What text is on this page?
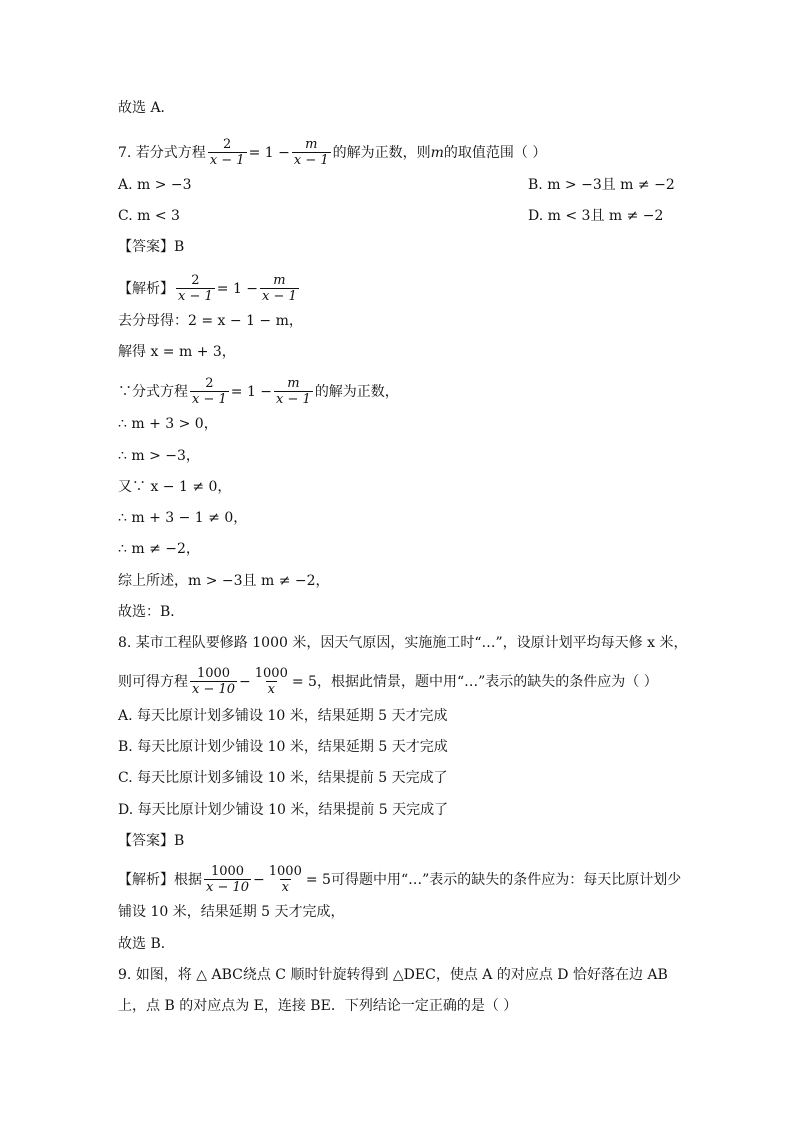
故选 A．
7. 若分式方程 $\frac{2}{x - 1} = 1 - \frac{m}{x - 1}$ 的解为正数，则 m 的取值范围（ ）
A. m > −3	B. m > −3且 m ≠ −2
C. m < 3	D. m < 3且 m ≠ −2
【答案】B
【解析】 $\frac{2}{x - 1} = 1 - \frac{m}{x - 1}$
去分母得：2 = x − 1 − m，
解得 x = m + 3，
∵分式方程 $\frac{2}{x - 1} = 1 - \frac{m}{x - 1}$ 的解为正数，
∴ m + 3 > 0，
∴ m > −3，
又∵ x − 1 ≠ 0，
∴ m + 3 − 1 ≠ 0，
∴ m ≠ −2，
综上所述，m > −3且 m ≠ −2，
故选：B．
8. 某市工程队要修路 1000 米，因天气原因，实施施工时“…”，设原计划平均每天修 x 米，
则可得方程 $\frac{1000}{x - 10} - \frac{1000}{x} = 5$，根据此情景，题中用“…”表示的缺失的条件应为（ ）
A. 每天比原计划多铺设 10 米，结果延期 5 天才完成
B. 每天比原计划少铺设 10 米，结果延期 5 天才完成
C. 每天比原计划多铺设 10 米，结果提前 5 天完成了
D. 每天比原计划少铺设 10 米，结果提前 5 天完成了
【答案】B
【解析】根据 $\frac{1000}{x - 10} - \frac{1000}{x} = 5$可得题中用“…”表示的缺失的条件应为：每天比原计划少
铺设 10 米，结果延期 5 天才完成，
故选 B．
9. 如图，将 △ ABC绕点 C 顺时针旋转得到 △DEC，使点 A 的对应点 D 恰好落在边 AB
上，点 B 的对应点为 E，连接 BE．下列结论一定正确的是（ ）
